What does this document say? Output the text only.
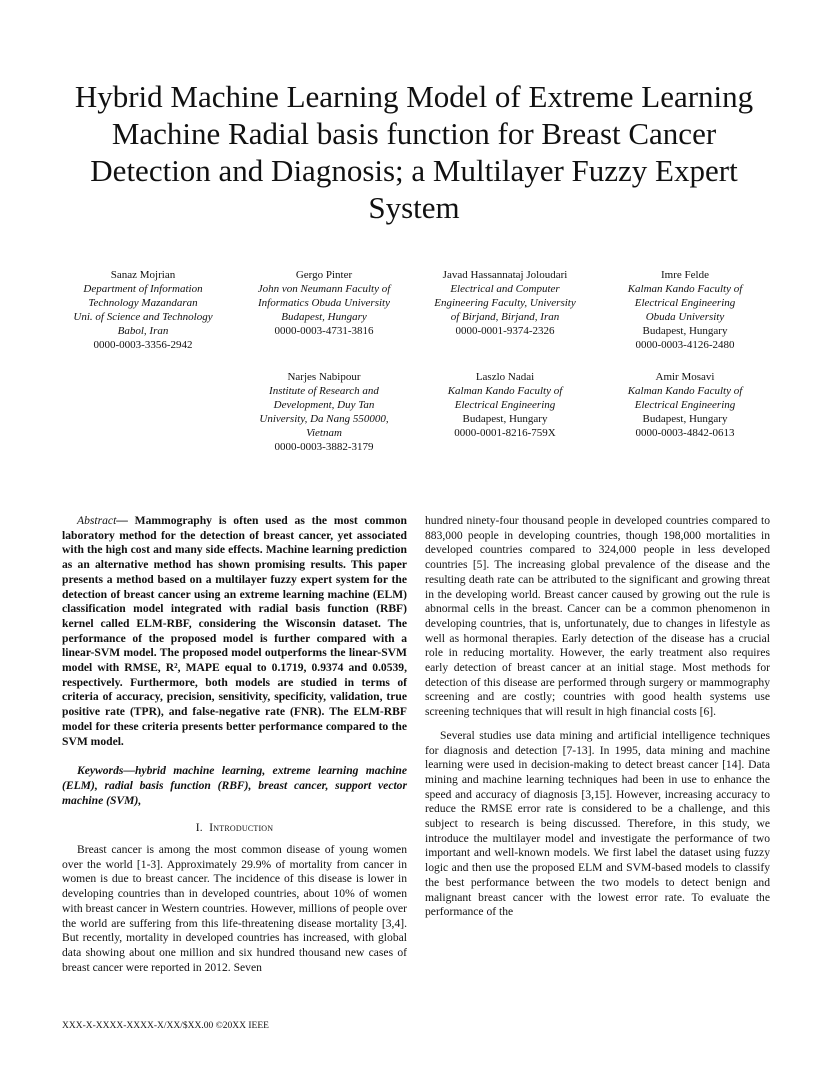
Hybrid Machine Learning Model of Extreme Learning Machine Radial basis function for Breast Cancer Detection and Diagnosis; a Multilayer Fuzzy Expert System
Sanaz Mojrian
Department of Information
Technology Mazandaran
Uni. of Science and Technology
Babol, Iran
0000-0003-3356-2942
Gergo Pinter
John von Neumann Faculty of
Informatics Obuda University
Budapest, Hungary
0000-0003-4731-3816
Javad Hassannataj Joloudari
Electrical and Computer
Engineering Faculty, University
of Birjand, Birjand, Iran
0000-0001-9374-2326
Imre Felde
Kalman Kando Faculty of
Electrical Engineering
Obuda University
Budapest, Hungary
0000-0003-4126-2480
Narjes Nabipour
Institute of Research and
Development, Duy Tan
University, Da Nang 550000,
Vietnam
0000-0003-3882-3179
Laszlo Nadai
Kalman Kando Faculty of
Electrical Engineering
Budapest, Hungary
0000-0001-8216-759X
Amir Mosavi
Kalman Kando Faculty of
Electrical Engineering
Budapest, Hungary
0000-0003-4842-0613

Abstract— Mammography is often used as the most common laboratory method for the detection of breast cancer, yet associated with the high cost and many side effects. Machine learning prediction as an alternative method has shown promising results. This paper presents a method based on a multilayer fuzzy expert system for the detection of breast cancer using an extreme learning machine (ELM) classification model integrated with radial basis function (RBF) kernel called ELM-RBF, considering the Wisconsin dataset. The performance of the proposed model is further compared with a linear-SVM model. The proposed model outperforms the linear-SVM model with RMSE, R², MAPE equal to 0.1719, 0.9374 and 0.0539, respectively. Furthermore, both models are studied in terms of criteria of accuracy, precision, sensitivity, specificity, validation, true positive rate (TPR), and false-negative rate (FNR). The ELM-RBF model for these criteria presents better performance compared to the SVM model.

Keywords—hybrid machine learning, extreme learning machine (ELM), radial basis function (RBF), breast cancer, support vector machine (SVM),

I. Introduction

Breast cancer is among the most common disease of young women over the world [1-3]. Approximately 29.9% of mortality from cancer in women is due to breast cancer. The incidence of this disease is lower in developing countries than in developed countries, about 10% of women with breast cancer in Western countries. However, millions of people over the world are suffering from this life-threatening disease mortality [3,4]. But recently, mortality in developed countries has increased, with global data showing about one million and six hundred thousand new cases of breast cancer were reported in 2012. Seven

hundred ninety-four thousand people in developed countries compared to 883,000 people in developing countries, though 198,000 mortalities in developed countries compared to 324,000 people in less developed countries [5]. The increasing global prevalence of the disease and the resulting death rate can be attributed to the significant and growing threat in the developing world. Breast cancer caused by growing out the rule is abnormal cells in the breast. Cancer can be a common phenomenon in developing countries, that is, unfortunately, due to changes in lifestyle as well as hormonal therapies. Early detection of the disease has a crucial role in reducing mortality. However, the early treatment also requires early detection of breast cancer at an initial stage. Most methods for detection of this disease are performed through surgery or mammography screening and are costly; countries with good health systems use screening techniques that will result in high financial costs [6].

Several studies use data mining and artificial intelligence techniques for diagnosis and detection [7-13]. In 1995, data mining and machine learning were used in decision-making to detect breast cancer [14]. Data mining and machine learning techniques had been in use to enhance the speed and accuracy of diagnosis [3,15]. However, increasing accuracy to reduce the RMSE error rate is considered to be a challenge, and this subject to research is being discussed. Therefore, in this study, we introduce the multilayer model and investigate the performance of two important and well-known models. We first label the dataset using fuzzy logic and then use the proposed ELM and SVM-based models to classify the best performance between the two models to detect benign and malignant breast cancer with the lowest error rate. To evaluate the performance of the

XXX-X-XXXX-XXXX-X/XX/$XX.00 ©20XX IEEE
